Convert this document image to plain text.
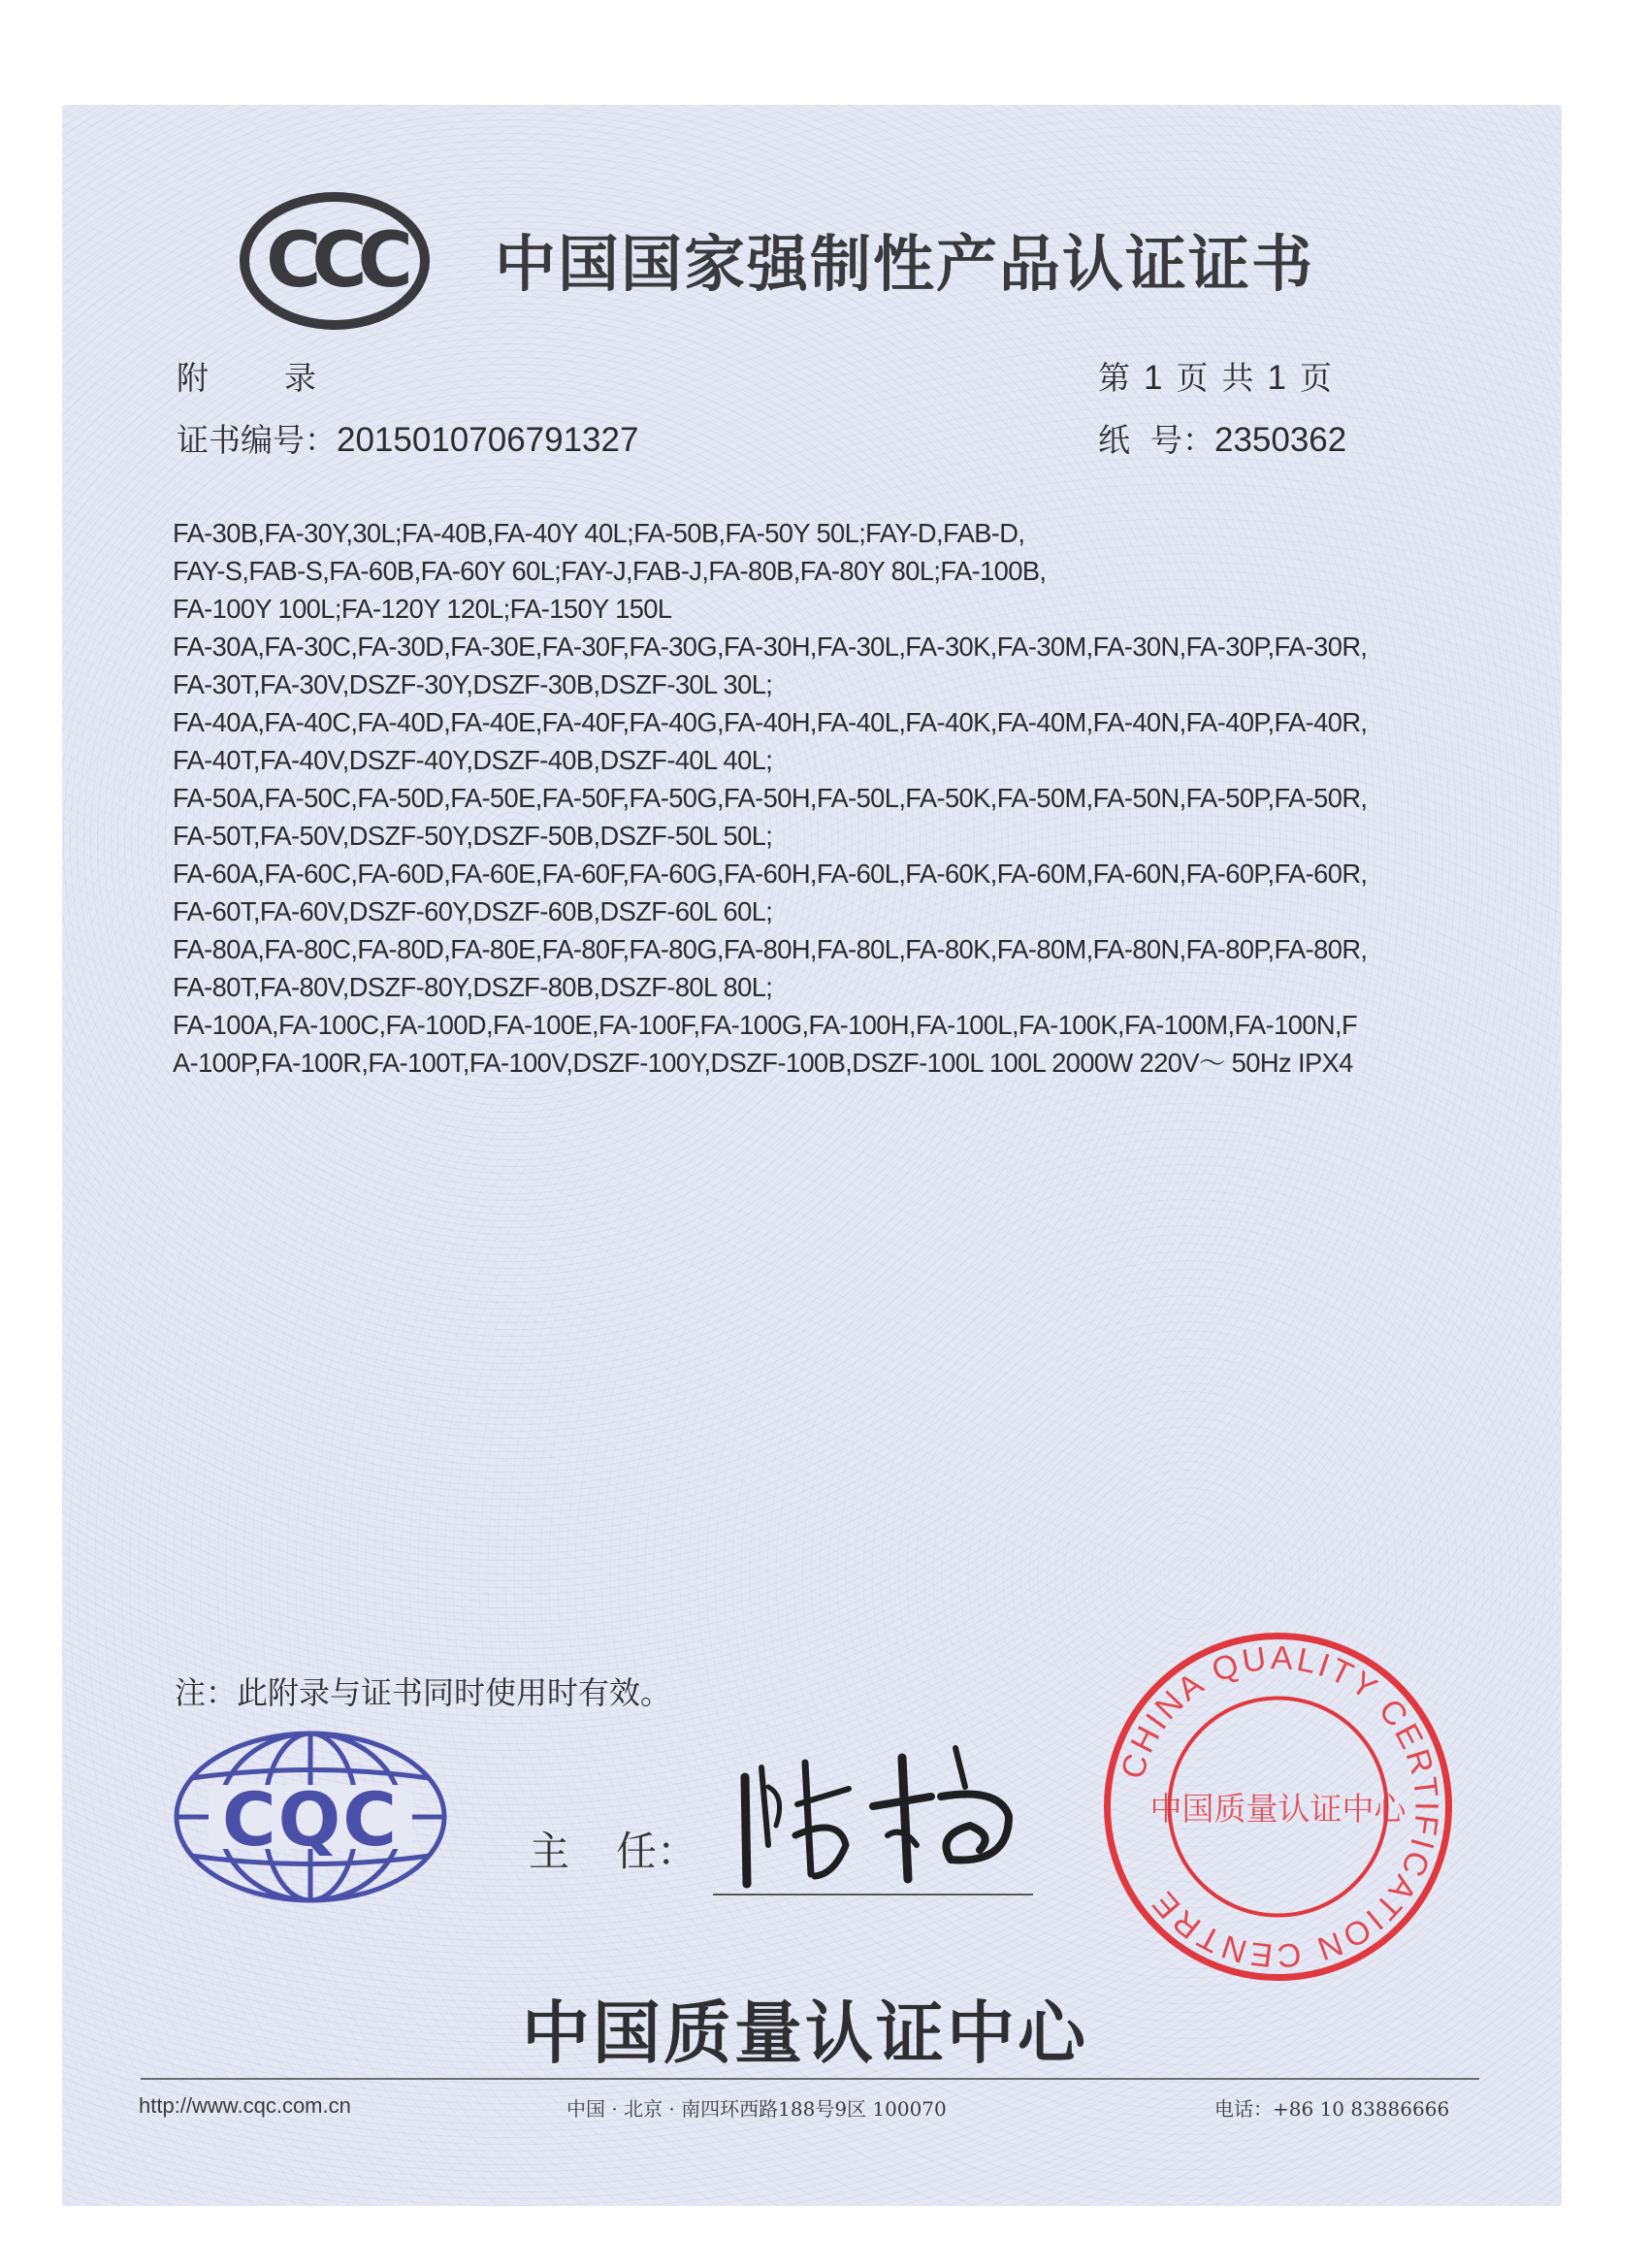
CCC 中国国家强制性产品认证证书
附 录	第 1 页 共 1 页
证书编号：2015010706791327	纸  号：2350362
FA-30B,FA-30Y,30L;FA-40B,FA-40Y 40L;FA-50B,FA-50Y 50L;FAY-D,FAB-D,
FAY-S,FAB-S,FA-60B,FA-60Y 60L;FAY-J,FAB-J,FA-80B,FA-80Y 80L;FA-100B,
FA-100Y 100L;FA-120Y 120L;FA-150Y 150L
FA-30A,FA-30C,FA-30D,FA-30E,FA-30F,FA-30G,FA-30H,FA-30L,FA-30K,FA-30M,FA-30N,FA-30P,FA-30R,
FA-30T,FA-30V,DSZF-30Y,DSZF-30B,DSZF-30L 30L;
FA-40A,FA-40C,FA-40D,FA-40E,FA-40F,FA-40G,FA-40H,FA-40L,FA-40K,FA-40M,FA-40N,FA-40P,FA-40R,
FA-40T,FA-40V,DSZF-40Y,DSZF-40B,DSZF-40L 40L;
FA-50A,FA-50C,FA-50D,FA-50E,FA-50F,FA-50G,FA-50H,FA-50L,FA-50K,FA-50M,FA-50N,FA-50P,FA-50R,
FA-50T,FA-50V,DSZF-50Y,DSZF-50B,DSZF-50L 50L;
FA-60A,FA-60C,FA-60D,FA-60E,FA-60F,FA-60G,FA-60H,FA-60L,FA-60K,FA-60M,FA-60N,FA-60P,FA-60R,
FA-60T,FA-60V,DSZF-60Y,DSZF-60B,DSZF-60L 60L;
FA-80A,FA-80C,FA-80D,FA-80E,FA-80F,FA-80G,FA-80H,FA-80L,FA-80K,FA-80M,FA-80N,FA-80P,FA-80R,
FA-80T,FA-80V,DSZF-80Y,DSZF-80B,DSZF-80L 80L;
FA-100A,FA-100C,FA-100D,FA-100E,FA-100F,FA-100G,FA-100H,FA-100L,FA-100K,FA-100M,FA-100N,F
A-100P,FA-100R,FA-100T,FA-100V,DSZF-100Y,DSZF-100B,DSZF-100L 100L 2000W 220V～ 50Hz IPX4
注：此附录与证书同时使用时有效。
CQC	主 任：
CHINA QUALITY CERTIFICATION CENTRE
中国质量认证中心
中国质量认证中心
http://www.cqc.com.cn	中国 · 北京 · 南四环西路188号9区 100070	电话：+86 10 83886666
